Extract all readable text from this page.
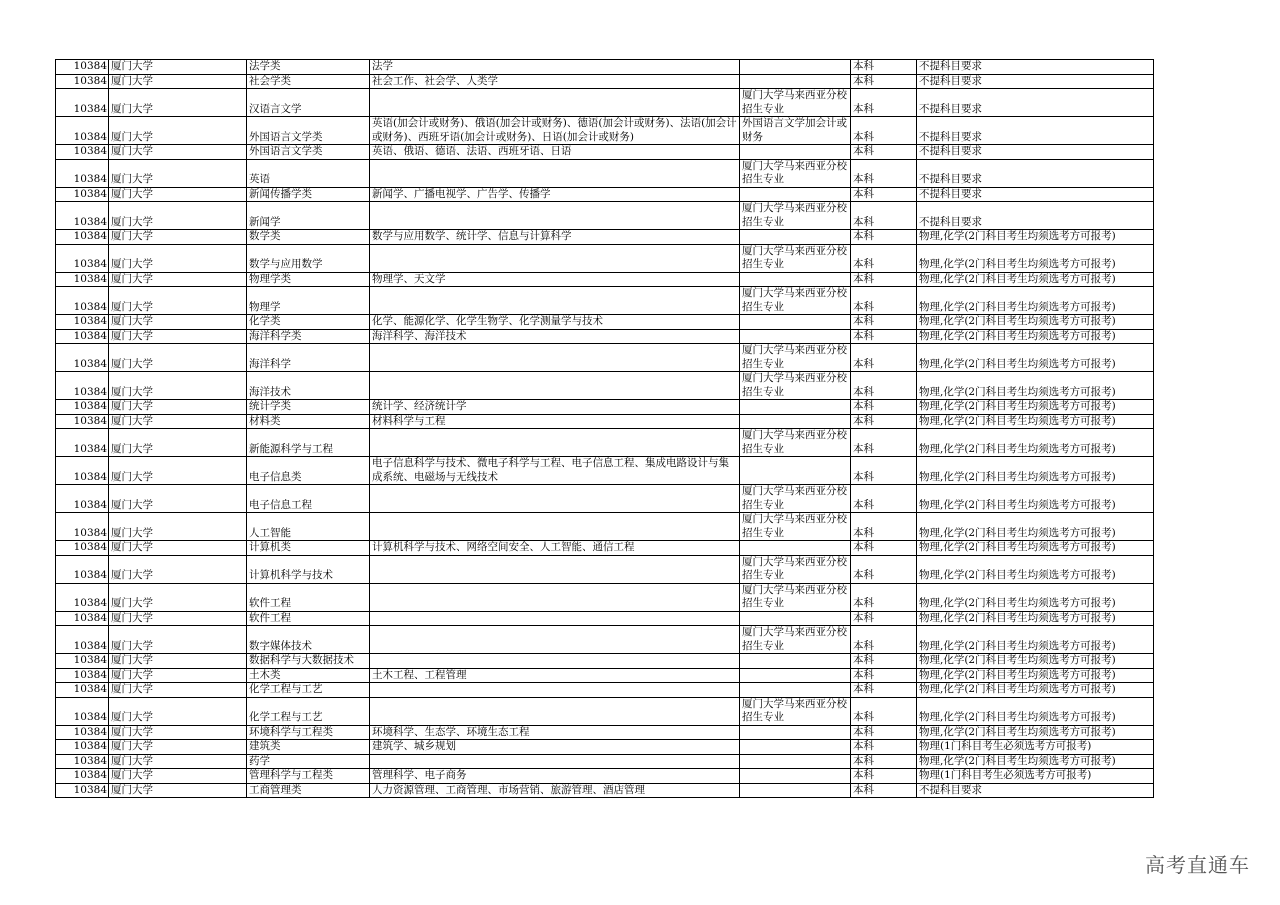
10384	厦门大学	法学类	法学		本科	不提科目要求
10384	厦门大学	社会学类	社会工作、社会学、人类学		本科	不提科目要求
10384	厦门大学	汉语言文学		厦门大学马来西亚分校招生专业	本科	不提科目要求
10384	厦门大学	外国语言文学类	英语(加会计或财务)、俄语(加会计或财务)、德语(加会计或财务)、法语(加会计或财务)、西班牙语(加会计或财务)、日语(加会计或财务)	外国语言文学加会计或财务	本科	不提科目要求
10384	厦门大学	外国语言文学类	英语、俄语、德语、法语、西班牙语、日语		本科	不提科目要求
10384	厦门大学	英语		厦门大学马来西亚分校招生专业	本科	不提科目要求
10384	厦门大学	新闻传播学类	新闻学、广播电视学、广告学、传播学		本科	不提科目要求
10384	厦门大学	新闻学		厦门大学马来西亚分校招生专业	本科	不提科目要求
10384	厦门大学	数学类	数学与应用数学、统计学、信息与计算科学		本科	物理,化学(2门科目考生均须选考方可报考)
10384	厦门大学	数学与应用数学		厦门大学马来西亚分校招生专业	本科	物理,化学(2门科目考生均须选考方可报考)
10384	厦门大学	物理学类	物理学、天文学		本科	物理,化学(2门科目考生均须选考方可报考)
10384	厦门大学	物理学		厦门大学马来西亚分校招生专业	本科	物理,化学(2门科目考生均须选考方可报考)
10384	厦门大学	化学类	化学、能源化学、化学生物学、化学测量学与技术		本科	物理,化学(2门科目考生均须选考方可报考)
10384	厦门大学	海洋科学类	海洋科学、海洋技术		本科	物理,化学(2门科目考生均须选考方可报考)
10384	厦门大学	海洋科学		厦门大学马来西亚分校招生专业	本科	物理,化学(2门科目考生均须选考方可报考)
10384	厦门大学	海洋技术		厦门大学马来西亚分校招生专业	本科	物理,化学(2门科目考生均须选考方可报考)
10384	厦门大学	统计学类	统计学、经济统计学		本科	物理,化学(2门科目考生均须选考方可报考)
10384	厦门大学	材料类	材料科学与工程		本科	物理,化学(2门科目考生均须选考方可报考)
10384	厦门大学	新能源科学与工程		厦门大学马来西亚分校招生专业	本科	物理,化学(2门科目考生均须选考方可报考)
10384	厦门大学	电子信息类	电子信息科学与技术、微电子科学与工程、电子信息工程、集成电路设计与集成系统、电磁场与无线技术		本科	物理,化学(2门科目考生均须选考方可报考)
10384	厦门大学	电子信息工程		厦门大学马来西亚分校招生专业	本科	物理,化学(2门科目考生均须选考方可报考)
10384	厦门大学	人工智能		厦门大学马来西亚分校招生专业	本科	物理,化学(2门科目考生均须选考方可报考)
10384	厦门大学	计算机类	计算机科学与技术、网络空间安全、人工智能、通信工程		本科	物理,化学(2门科目考生均须选考方可报考)
10384	厦门大学	计算机科学与技术		厦门大学马来西亚分校招生专业	本科	物理,化学(2门科目考生均须选考方可报考)
10384	厦门大学	软件工程		厦门大学马来西亚分校招生专业	本科	物理,化学(2门科目考生均须选考方可报考)
10384	厦门大学	软件工程			本科	物理,化学(2门科目考生均须选考方可报考)
10384	厦门大学	数字媒体技术		厦门大学马来西亚分校招生专业	本科	物理,化学(2门科目考生均须选考方可报考)
10384	厦门大学	数据科学与大数据技术			本科	物理,化学(2门科目考生均须选考方可报考)
10384	厦门大学	土木类	土木工程、工程管理		本科	物理,化学(2门科目考生均须选考方可报考)
10384	厦门大学	化学工程与工艺			本科	物理,化学(2门科目考生均须选考方可报考)
10384	厦门大学	化学工程与工艺		厦门大学马来西亚分校招生专业	本科	物理,化学(2门科目考生均须选考方可报考)
10384	厦门大学	环境科学与工程类	环境科学、生态学、环境生态工程		本科	物理,化学(2门科目考生均须选考方可报考)
10384	厦门大学	建筑类	建筑学、城乡规划		本科	物理(1门科目考生必须选考方可报考)
10384	厦门大学	药学			本科	物理,化学(2门科目考生均须选考方可报考)
10384	厦门大学	管理科学与工程类	管理科学、电子商务		本科	物理(1门科目考生必须选考方可报考)
10384	厦门大学	工商管理类	人力资源管理、工商管理、市场营销、旅游管理、酒店管理		本科	不提科目要求
高考直通车
